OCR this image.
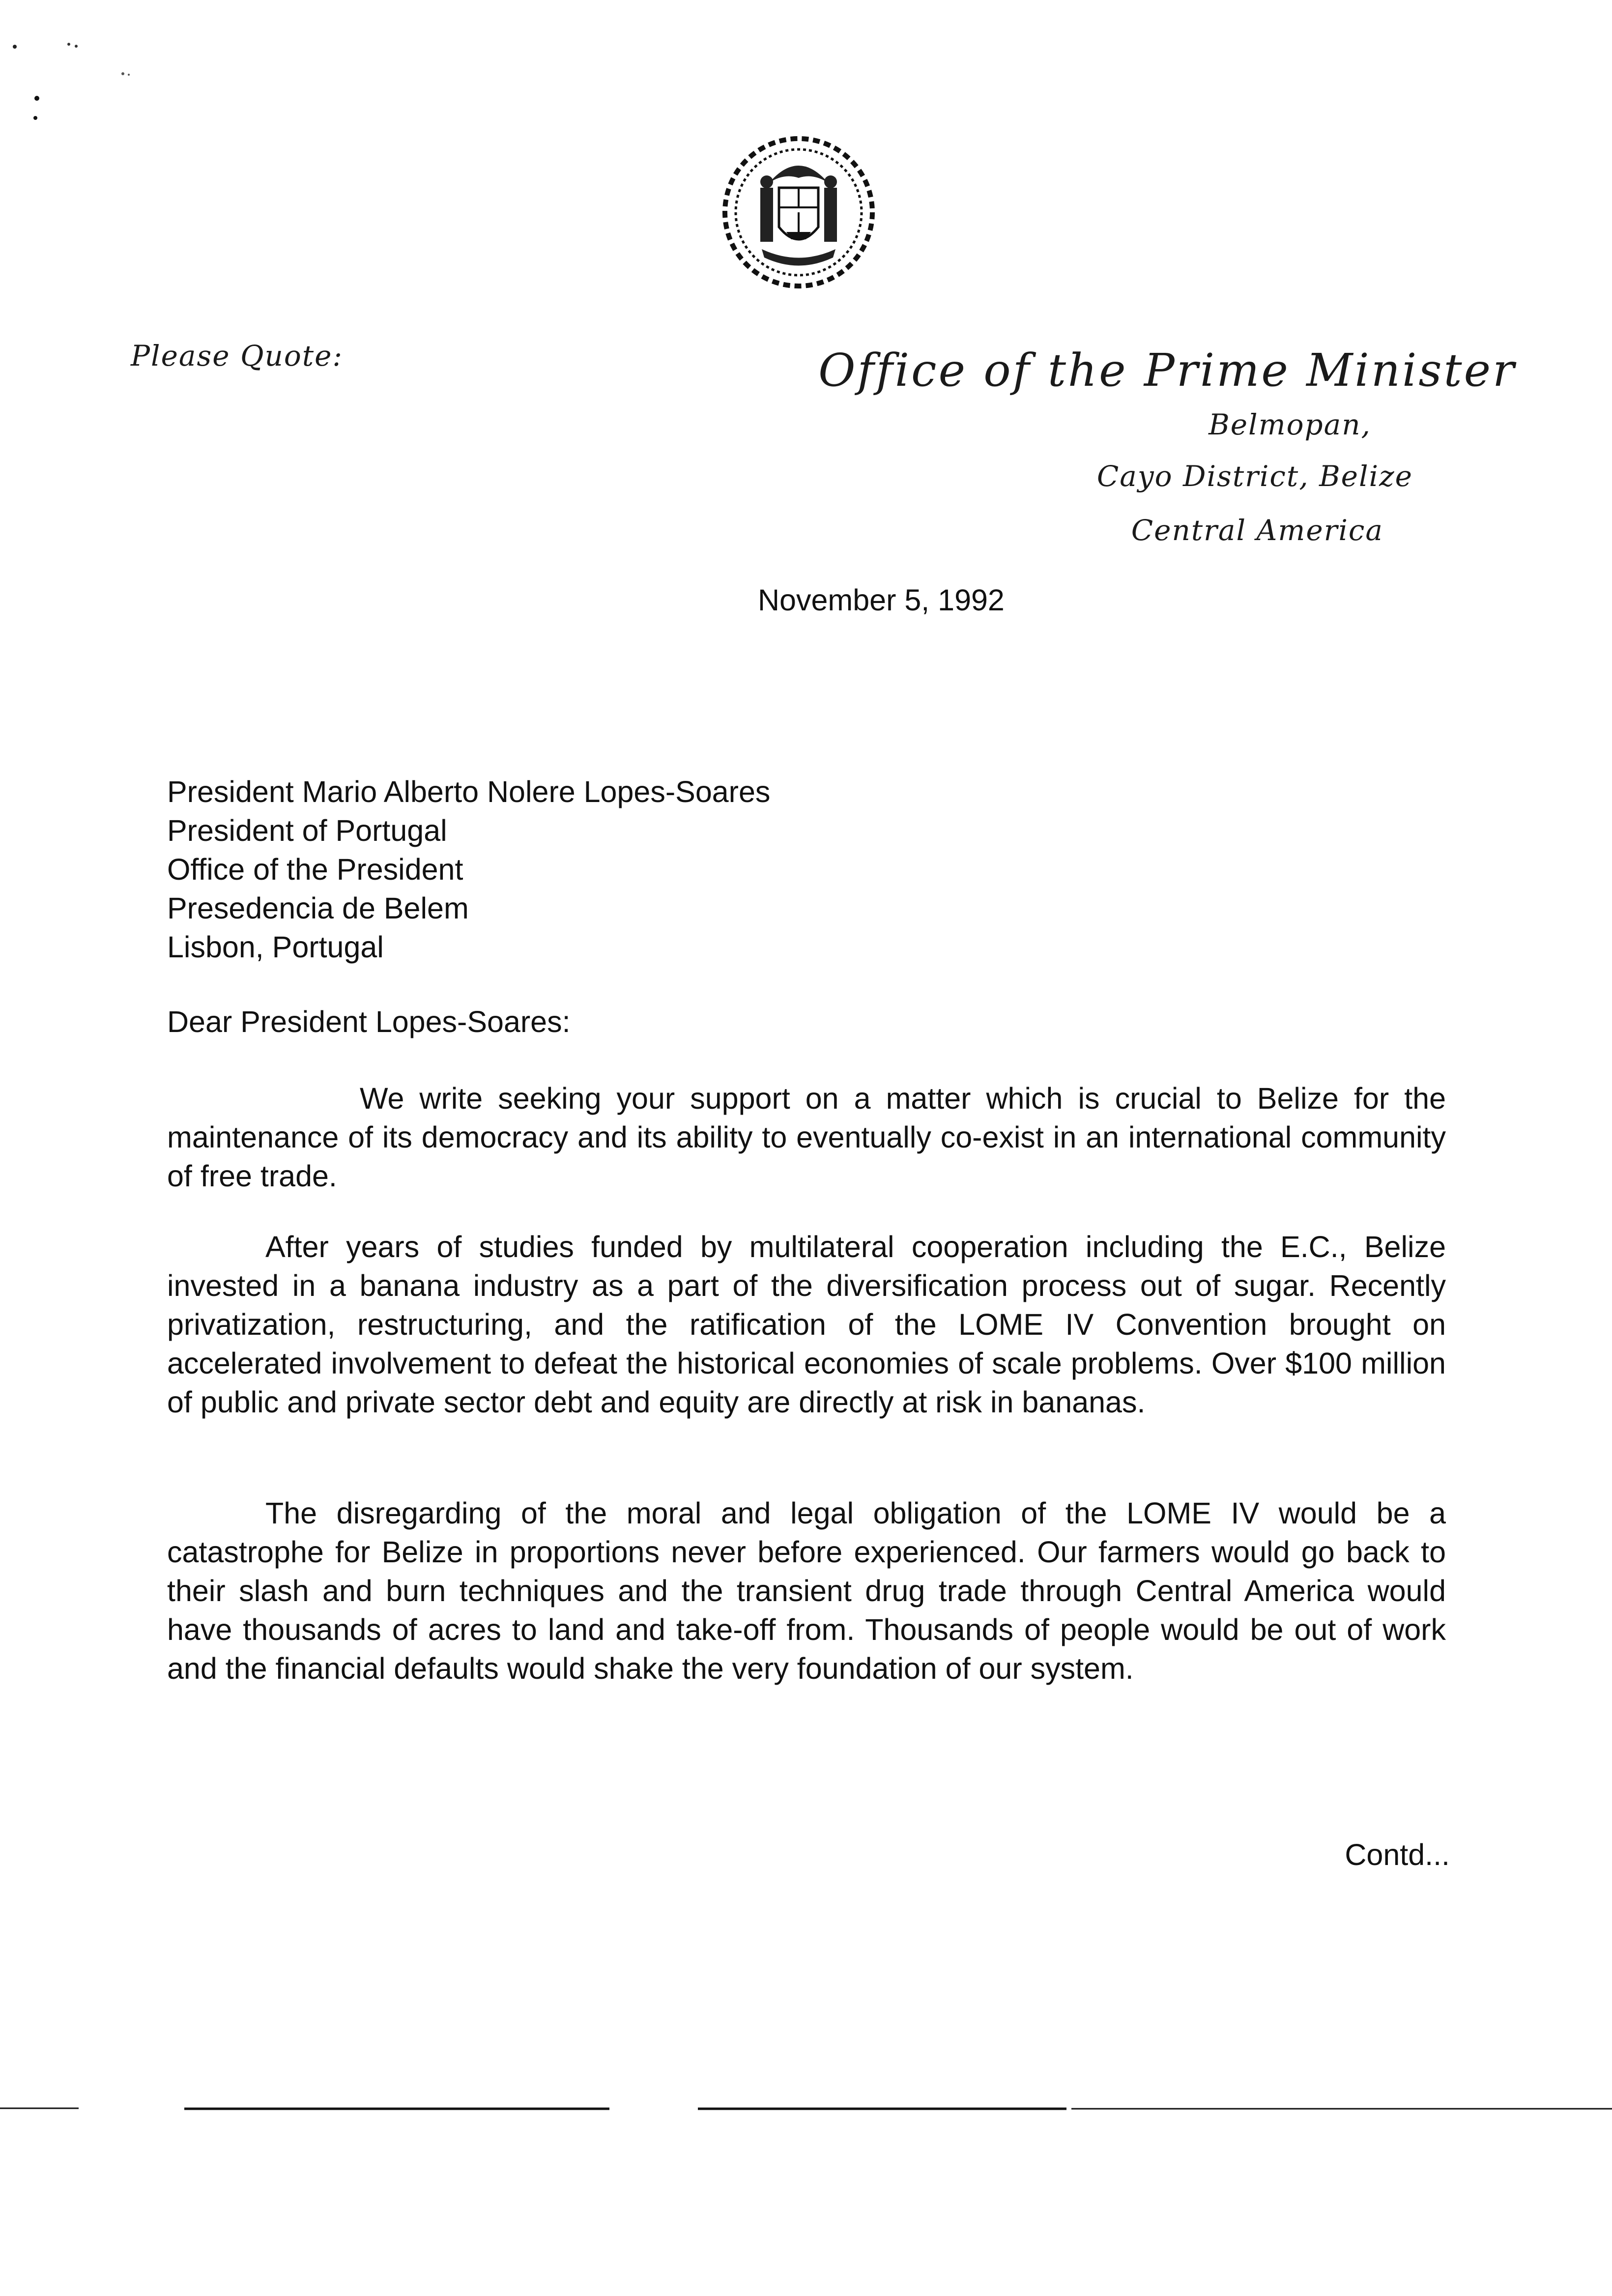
Please Quote:	Office of the Prime Minister
Belmopan,
Cayo District, Belize
Central America
November 5, 1992
President Mario Alberto Nolere Lopes-Soares
President of Portugal
Office of the President
Presedencia de Belem
Lisbon, Portugal
Dear President Lopes-Soares:
We write seeking your support on a matter which is crucial to Belize for the maintenance of its democracy and its ability to eventually co-exist in an international community of free trade.
After years of studies funded by multilateral cooperation including the E.C., Belize invested in a banana industry as a part of the diversification process out of sugar. Recently privatization, restructuring, and the ratification of the LOME IV Convention brought on accelerated involvement to defeat the historical economies of scale problems. Over $100 million of public and private sector debt and equity are directly at risk in bananas.
The disregarding of the moral and legal obligation of the LOME IV would be a catastrophe for Belize in proportions never before experienced. Our farmers would go back to their slash and burn techniques and the transient drug trade through Central America would have thousands of acres to land and take-off from. Thousands of people would be out of work and the financial defaults would shake the very foundation of our system.
Contd...
